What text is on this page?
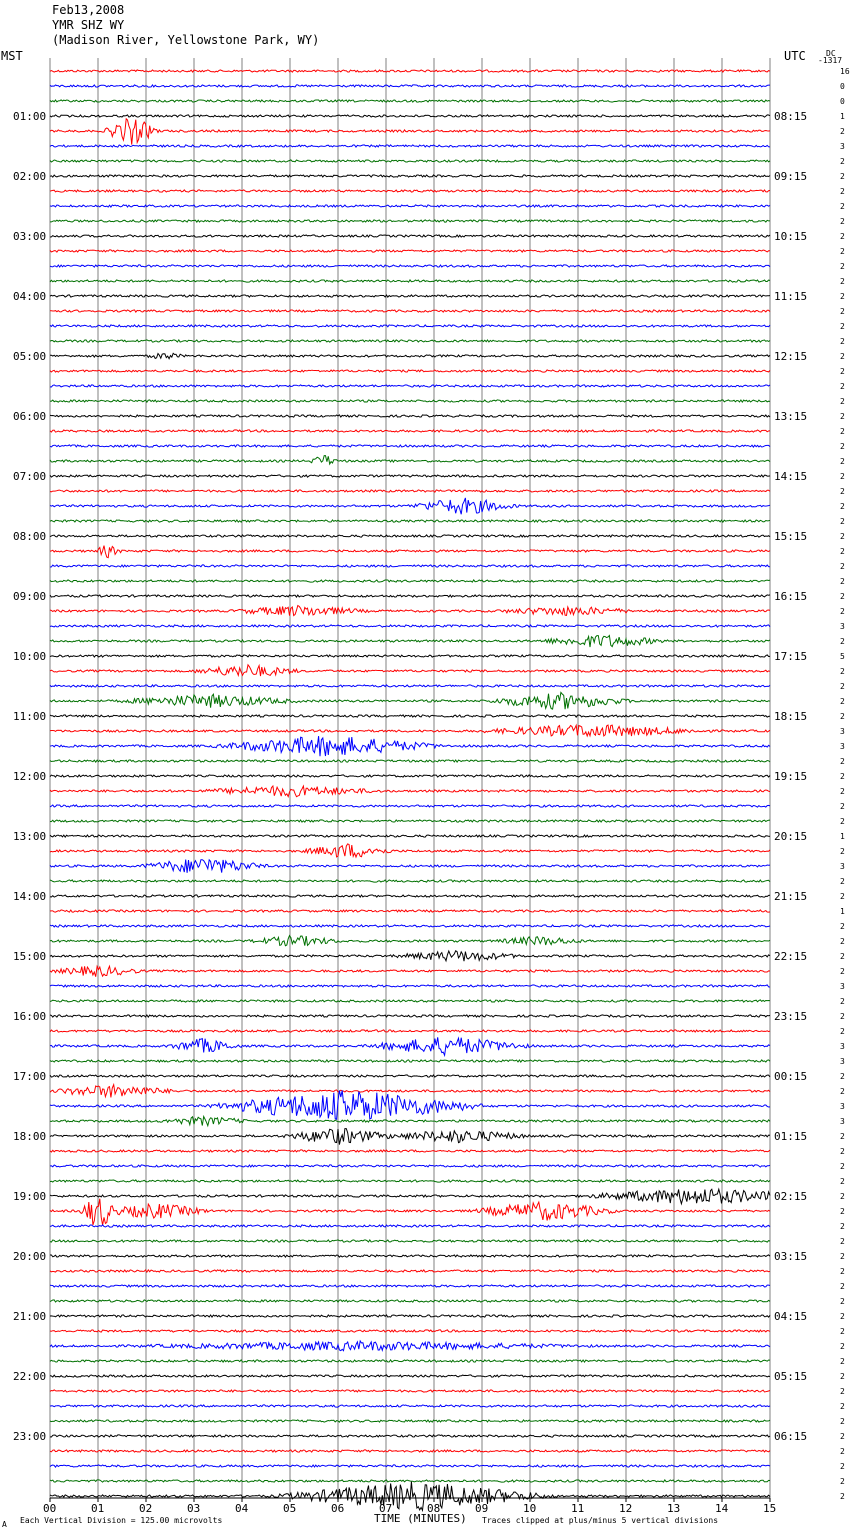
Feb13,2008
YMR SHZ WY
(Madison River, Yellowstone Park, WY)
MST	UTC	DC
-1317
01:00
02:00
03:00
04:00
05:00
06:00
07:00
08:00
09:00
10:00
11:00
12:00
13:00
14:00
15:00
16:00
17:00
18:00
19:00
20:00
21:00
22:00
23:00
08:15
09:15
10:15
11:15
12:15
13:15
14:15
15:15
16:15
17:15
18:15
19:15
20:15
21:15
22:15
23:15
00:15
01:15
02:15
03:15
04:15
05:15
06:15
16
0
0
1
2
3
2
2
2
2
2
2
2
2
2
2
2
2
2
2
2
2
2
2
2
2
2
2
2
2
2
2
2
2
2
2
2
3
2
5
2
2
2
2
3
3
2
2
2
2
2
1
2
3
2
2
1
2
2
2
2
3
2
2
2
3
3
2
2
3
3
2
2
2
2
2
2
2
2
2
2
2
2
2
2
2
2
2
2
2
2
2
2
2
2
2
00	01	02	03	04	05	06	07	08	09	10	11	12	13	14	15
TIME (MINUTES)
Each Vertical Division = 125.00 microvolts	Traces clipped at plus/minus 5 vertical divisions
A
